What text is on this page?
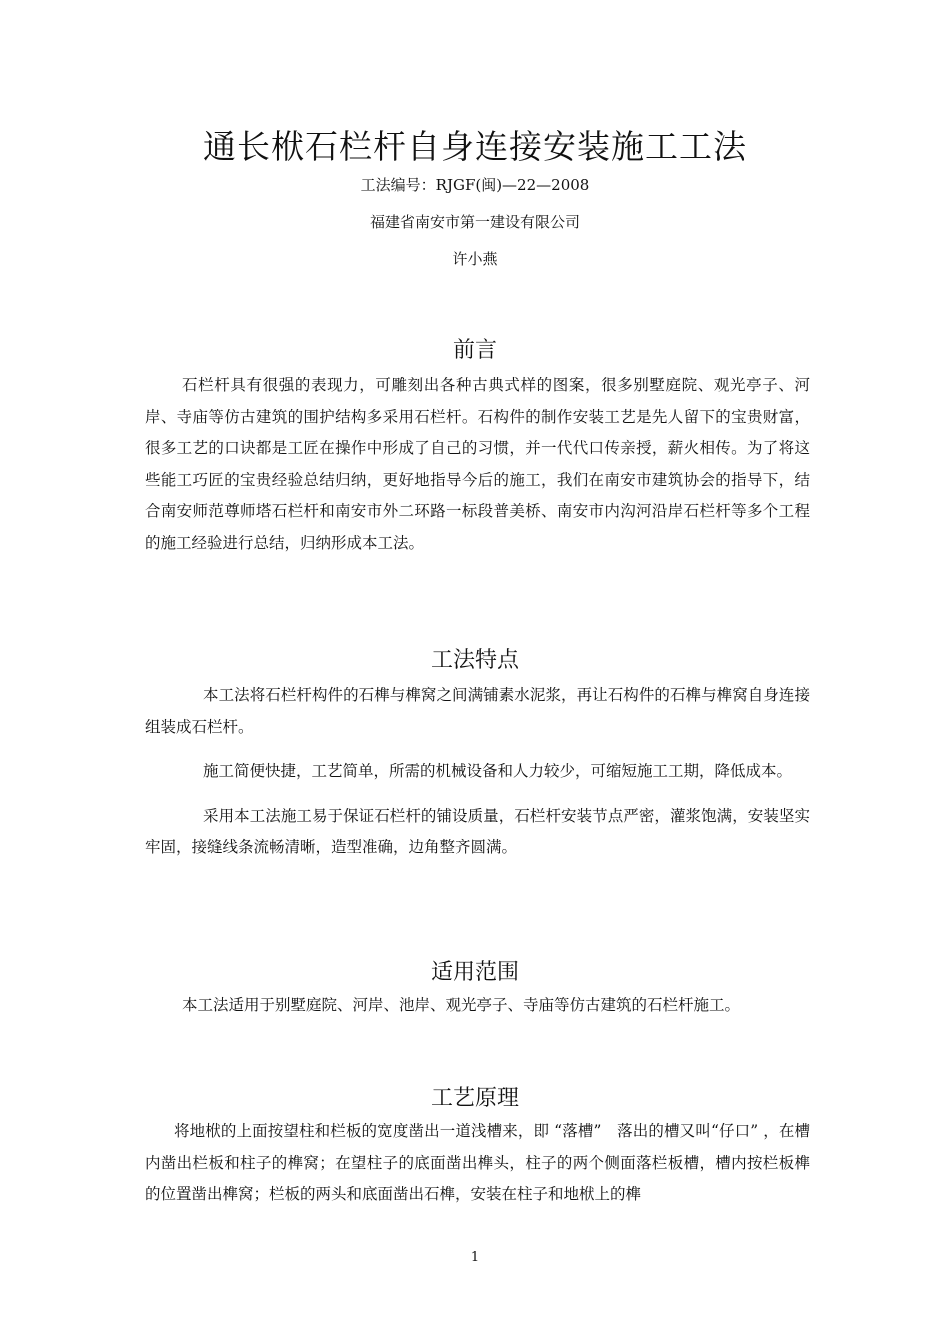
通长栿石栏杆自身连接安装施工工法
工法编号：RJGF(闽)—22—2008
福建省南安市第一建设有限公司
许小燕
前言

石栏杆具有很强的表现力，可雕刻出各种古典式样的图案，很多别墅庭院、观光亭子、河岸、寺庙等仿古建筑的围护结构多采用石栏杆。石构件的制作安装工艺是先人留下的宝贵财富，很多工艺的口诀都是工匠在操作中形成了自己的习惯，并一代代口传亲授，薪火相传。为了将这些能工巧匠的宝贵经验总结归纳，更好地指导今后的施工，我们在南安市建筑协会的指导下，结合南安师范尊师塔石栏杆和南安市外二环路一标段普美桥、南安市内沟河沿岸石栏杆等多个工程的施工经验进行总结，归纳形成本工法。

工法特点

本工法将石栏杆构件的石榫与榫窝之间满铺素水泥浆，再让石构件的石榫与榫窝自身连接组装成石栏杆。

施工简便快捷，工艺简单，所需的机械设备和人力较少，可缩短施工工期，降低成本。

采用本工法施工易于保证石栏杆的铺设质量，石栏杆安装节点严密，灌浆饱满，安装坚实牢固，接缝线条流畅清晰，造型准确，边角整齐圆满。

适用范围

本工法适用于别墅庭院、河岸、池岸、观光亭子、寺庙等仿古建筑的石栏杆施工。

工艺原理

将地栿的上面按望柱和栏板的宽度凿出一道浅槽来，即 “落槽”　落出的槽又叫“仔口” ，在槽内凿出栏板和柱子的榫窝；在望柱子的底面凿出榫头，柱子的两个侧面落栏板槽，槽内按栏板榫的位置凿出榫窝；栏板的两头和底面凿出石榫，安装在柱子和地栿上的榫

1
